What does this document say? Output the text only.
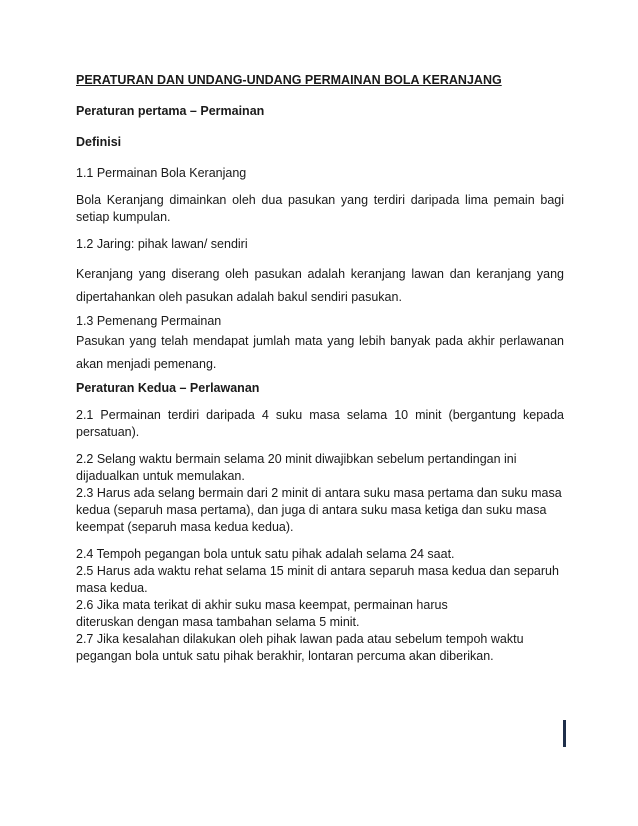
PERATURAN DAN UNDANG-UNDANG PERMAINAN BOLA KERANJANG

Peraturan pertama – Permainan

Definisi

1.1 Permainan Bola Keranjang

Bola Keranjang dimainkan oleh dua pasukan yang terdiri daripada lima pemain bagi setiap kumpulan.

1.2 Jaring: pihak lawan/ sendiri

Keranjang yang diserang oleh pasukan adalah keranjang lawan dan keranjang yang dipertahankan oleh pasukan adalah bakul sendiri pasukan.

1.3 Pemenang Permainan

Pasukan yang telah mendapat jumlah mata yang lebih banyak pada akhir perlawanan akan menjadi pemenang.

Peraturan Kedua – Perlawanan

2.1 Permainan terdiri daripada 4 suku masa selama 10 minit (bergantung kepada persatuan).

2.2 Selang waktu bermain selama 20 minit diwajibkan sebelum pertandingan ini

dijadualkan untuk memulakan.

2.3 Harus ada selang bermain dari 2 minit di antara suku masa pertama dan suku masa

kedua (separuh masa pertama), dan juga di antara suku masa ketiga dan suku masa

keempat (separuh masa kedua kedua).

2.4 Tempoh pegangan bola untuk satu pihak adalah selama 24 saat.

2.5 Harus ada waktu rehat selama 15 minit di antara separuh masa kedua dan separuh

masa kedua.

2.6 Jika mata terikat di akhir suku masa keempat, permainan harus

diteruskan dengan masa tambahan selama 5 minit.

2.7 Jika kesalahan dilakukan oleh pihak lawan pada atau sebelum tempoh waktu

pegangan bola untuk satu pihak berakhir, lontaran percuma akan diberikan.
